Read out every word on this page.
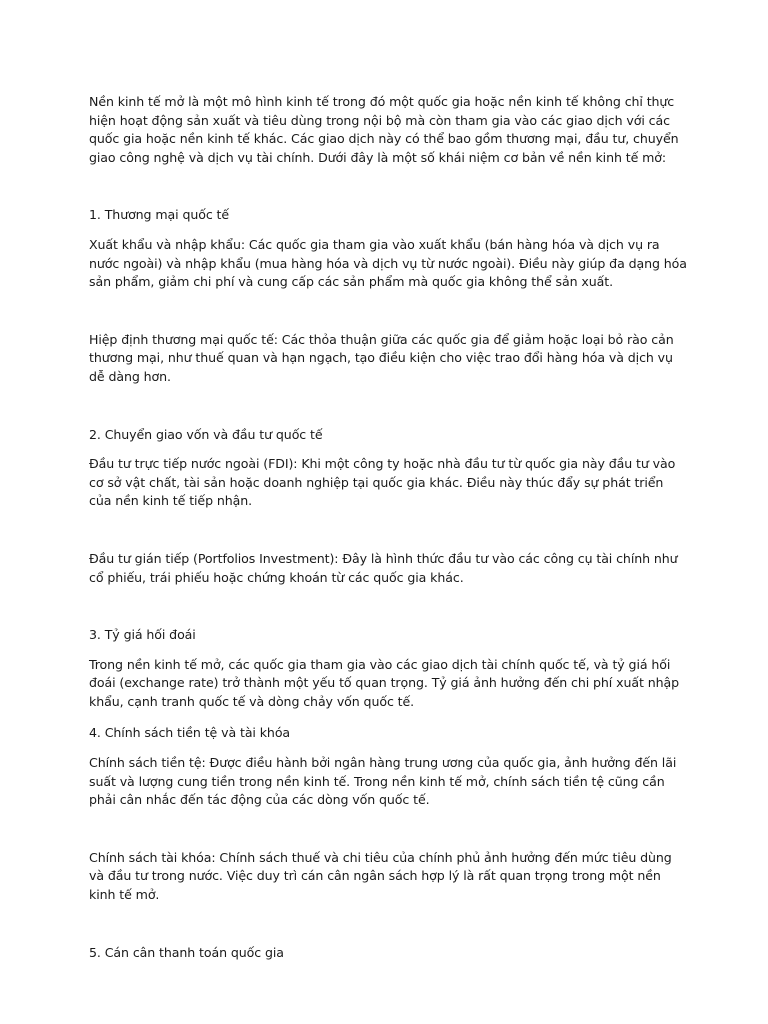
Nền kinh tế mở là một mô hình kinh tế trong đó một quốc gia hoặc nền kinh tế không chỉ thực hiện hoạt động sản xuất và tiêu dùng trong nội bộ mà còn tham gia vào các giao dịch với các quốc gia hoặc nền kinh tế khác. Các giao dịch này có thể bao gồm thương mại, đầu tư, chuyển giao công nghệ và dịch vụ tài chính. Dưới đây là một số khái niệm cơ bản về nền kinh tế mở:

1. Thương mại quốc tế

Xuất khẩu và nhập khẩu: Các quốc gia tham gia vào xuất khẩu (bán hàng hóa và dịch vụ ra nước ngoài) và nhập khẩu (mua hàng hóa và dịch vụ từ nước ngoài). Điều này giúp đa dạng hóa sản phẩm, giảm chi phí và cung cấp các sản phẩm mà quốc gia không thể sản xuất.

Hiệp định thương mại quốc tế: Các thỏa thuận giữa các quốc gia để giảm hoặc loại bỏ rào cản thương mại, như thuế quan và hạn ngạch, tạo điều kiện cho việc trao đổi hàng hóa và dịch vụ dễ dàng hơn.

2. Chuyển giao vốn và đầu tư quốc tế

Đầu tư trực tiếp nước ngoài (FDI): Khi một công ty hoặc nhà đầu tư từ quốc gia này đầu tư vào cơ sở vật chất, tài sản hoặc doanh nghiệp tại quốc gia khác. Điều này thúc đẩy sự phát triển của nền kinh tế tiếp nhận.

Đầu tư gián tiếp (Portfolios Investment): Đây là hình thức đầu tư vào các công cụ tài chính như cổ phiếu, trái phiếu hoặc chứng khoán từ các quốc gia khác.

3. Tỷ giá hối đoái

Trong nền kinh tế mở, các quốc gia tham gia vào các giao dịch tài chính quốc tế, và tỷ giá hối đoái (exchange rate) trở thành một yếu tố quan trọng. Tỷ giá ảnh hưởng đến chi phí xuất nhập khẩu, cạnh tranh quốc tế và dòng chảy vốn quốc tế.

4. Chính sách tiền tệ và tài khóa

Chính sách tiền tệ: Được điều hành bởi ngân hàng trung ương của quốc gia, ảnh hưởng đến lãi suất và lượng cung tiền trong nền kinh tế. Trong nền kinh tế mở, chính sách tiền tệ cũng cần phải cân nhắc đến tác động của các dòng vốn quốc tế.

Chính sách tài khóa: Chính sách thuế và chi tiêu của chính phủ ảnh hưởng đến mức tiêu dùng và đầu tư trong nước. Việc duy trì cán cân ngân sách hợp lý là rất quan trọng trong một nền kinh tế mở.

5. Cán cân thanh toán quốc gia
